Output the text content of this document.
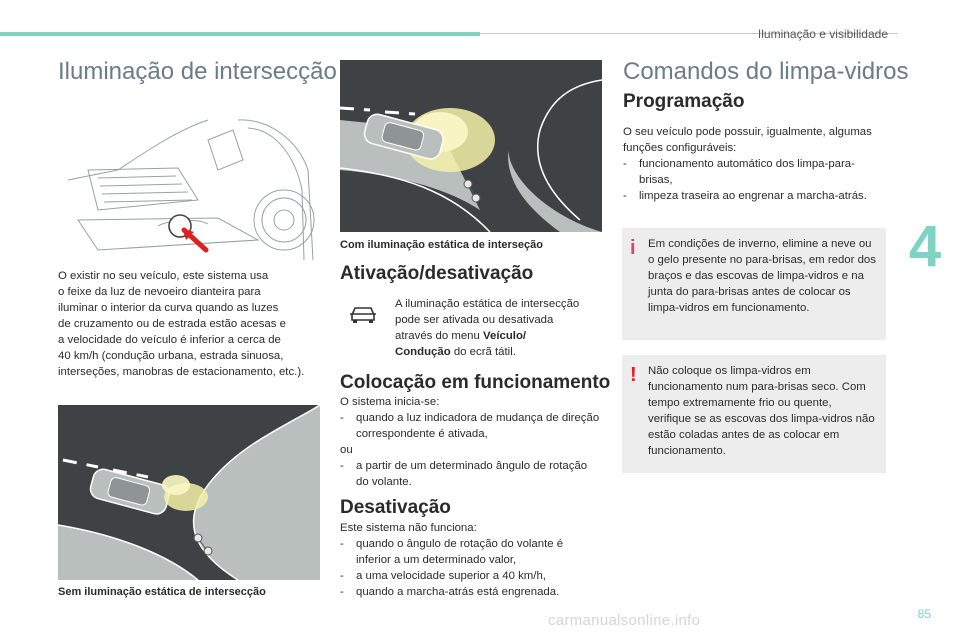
Iluminação e visibilidade
4
Iluminação de intersecção
O existir no seu veículo, este sistema usa
o feixe da luz de nevoeiro dianteira para
iluminar o interior da curva quando as luzes
de cruzamento ou de estrada estão acesas e
a velocidade do veículo é inferior a cerca de
40 km/h (condução urbana, estrada sinuosa,
interseções, manobras de estacionamento, etc.).
Sem iluminação estática de intersecção
Com iluminação estática de interseção
Ativação/desativação
A iluminação estática de intersecção
pode ser ativada ou desativada
através do menu Veículo/
Condução do ecrã tátil.
Colocação em funcionamento
O sistema inicia-se:
- quando a luz indicadora de mudança de direção correspondente é ativada,
ou
- a partir de um determinado ângulo de rotação do volante.
Desativação
Este sistema não funciona:
- quando o ângulo de rotação do volante é inferior a um determinado valor,
- a uma velocidade superior a 40 km/h,
- quando a marcha-atrás está engrenada.
Comandos do limpa-vidros
Programação
O seu veículo pode possuir, igualmente, algumas funções configuráveis:
- funcionamento automático dos limpa-para-brisas,
- limpeza traseira ao engrenar a marcha-atrás.
i Em condições de inverno, elimine a neve ou o gelo presente no para-brisas, em redor dos braços e das escovas de limpa-vidros e na junta do para-brisas antes de colocar os limpa-vidros em funcionamento.
! Não coloque os limpa-vidros em funcionamento num para-brisas seco. Com tempo extremamente frio ou quente, verifique se as escovas dos limpa-vidros não estão coladas antes de as colocar em funcionamento.
85
carmanualsonline.info
